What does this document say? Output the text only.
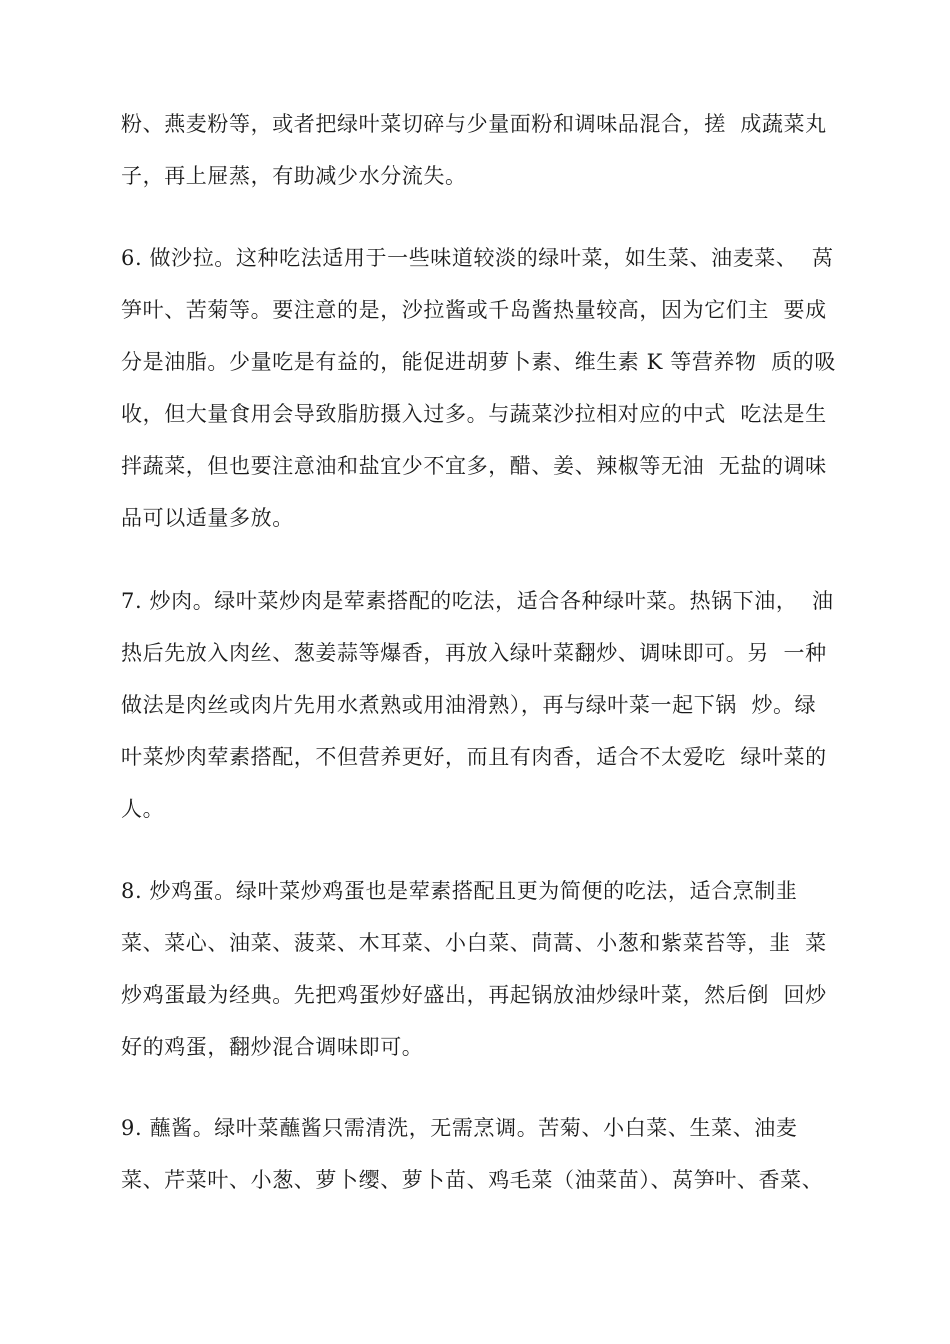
粉、燕麦粉等，或者把绿叶菜切碎与少量面粉和调味品混合，搓  成蔬菜丸
子，再上屉蒸，有助减少水分流失。
6. 做沙拉。这种吃法适用于一些味道较淡的绿叶菜，如生菜、油麦菜、  莴
笋叶、苦菊等。要注意的是，沙拉酱或千岛酱热量较高，因为它们主  要成
分是油脂。少量吃是有益的，能促进胡萝卜素、维生素 K 等营养物  质的吸
收，但大量食用会导致脂肪摄入过多。与蔬菜沙拉相对应的中式  吃法是生
拌蔬菜，但也要注意油和盐宜少不宜多，醋、姜、辣椒等无油  无盐的调味
品可以适量多放。
7. 炒肉。绿叶菜炒肉是荤素搭配的吃法，适合各种绿叶菜。热锅下油，  油
热后先放入肉丝、葱姜蒜等爆香，再放入绿叶菜翻炒、调味即可。另  一种
做法是肉丝或肉片先用水煮熟或用油滑熟），再与绿叶菜一起下锅  炒。绿
叶菜炒肉荤素搭配，不但营养更好，而且有肉香，适合不太爱吃  绿叶菜的
人。
8. 炒鸡蛋。绿叶菜炒鸡蛋也是荤素搭配且更为简便的吃法，适合烹制韭
菜、菜心、油菜、菠菜、木耳菜、小白菜、茼蒿、小葱和紫菜苔等，韭  菜
炒鸡蛋最为经典。先把鸡蛋炒好盛出，再起锅放油炒绿叶菜，然后倒  回炒
好的鸡蛋，翻炒混合调味即可。
9. 蘸酱。绿叶菜蘸酱只需清洗，无需烹调。苦菊、小白菜、生菜、油麦
菜、芹菜叶、小葱、萝卜缨、萝卜苗、鸡毛菜（油菜苗）、莴笋叶、香菜、
